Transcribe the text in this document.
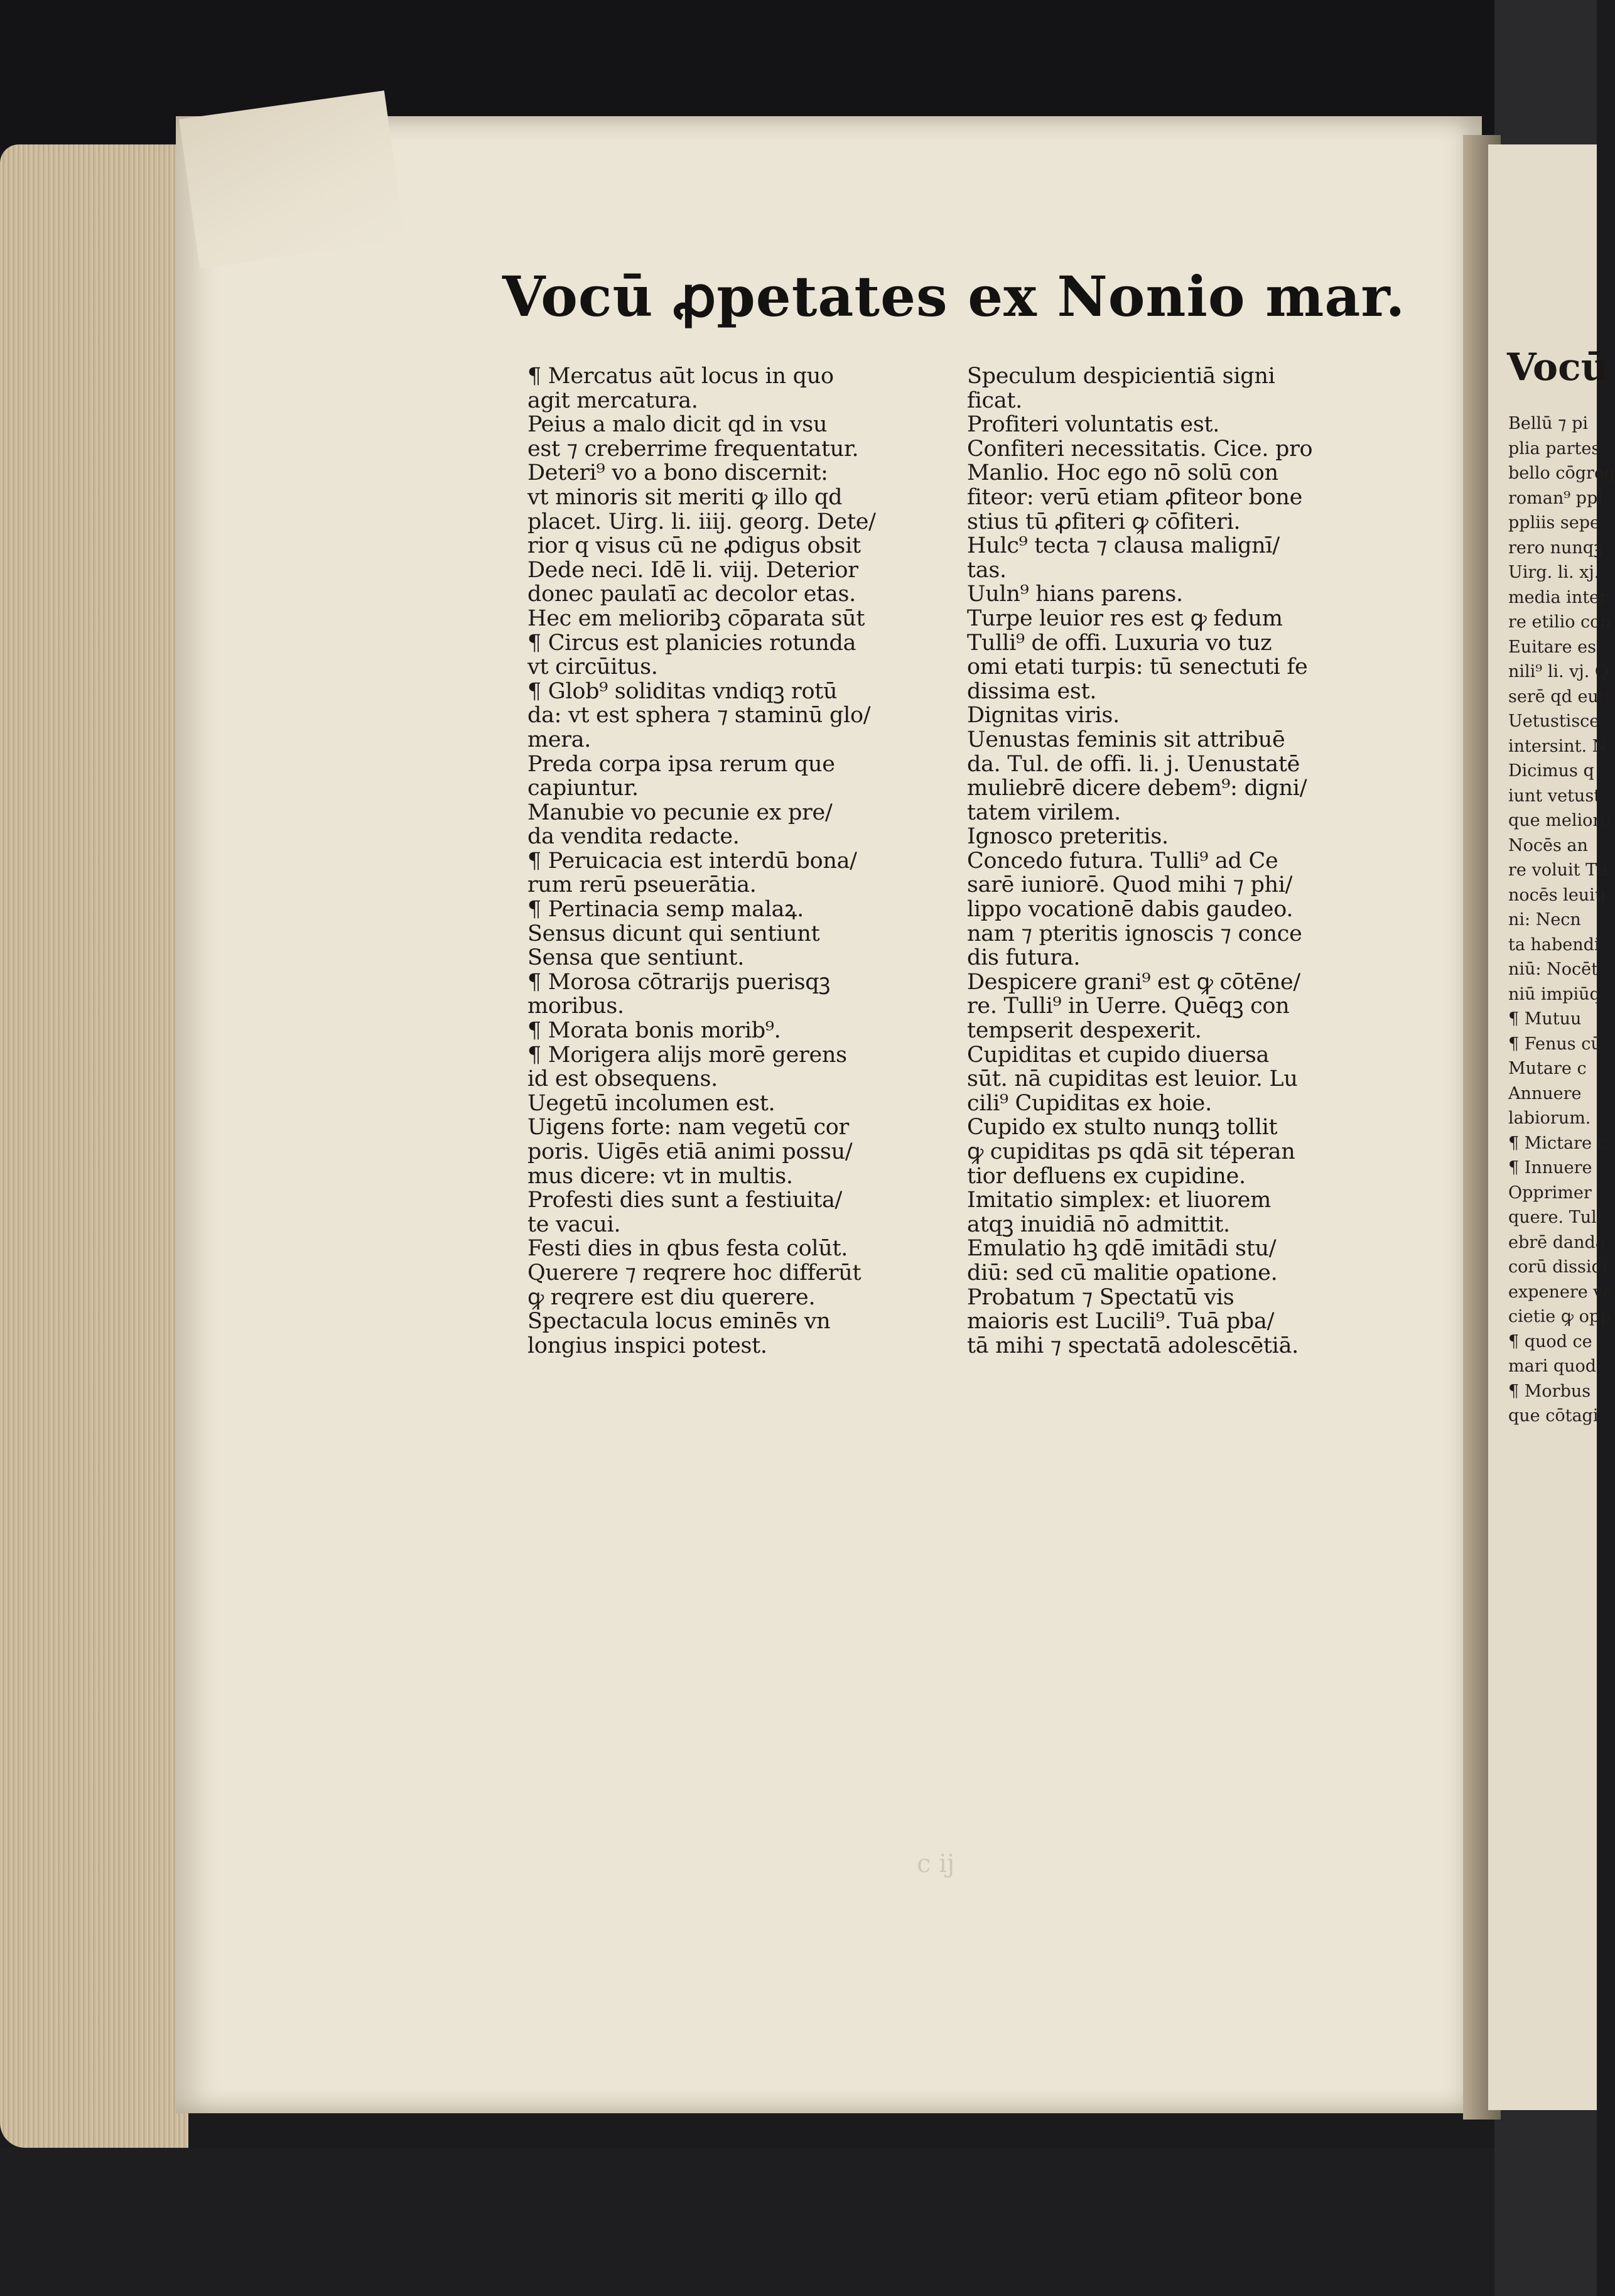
Vocū
Bellū ⁊ pi
plia partes
bello cōgreg
roman⁹ ppl
ppliis sepe
rero nunqꝫ
Uirg. li. xj.
media inter
re etilio con
Euitare est
nili⁹ li. vj. Q
serē qd euit
Uetustisce
intersint. N
Dicimus q
iunt vetust
que meliora
Nocēs an
re voluit Tu
nocēs leuiu
ni: Necn
ta habendi
niū: Nocēt
niū impiūq
¶ Mutuu
¶ Fenus cū
Mutare c
Annuere
labiorum.
¶ Mictare c
¶ Innuere
Opprimer
quere. Tull
ebrē danda
corū dissidi
expenere ve
cietie ꝙ opp
¶ quod ce
mari quod
¶ Morbus
que cōtagi
Vocū ꝓpetates ex Nonio mar.
¶ Mercatus aūt locus in quo
agit mercatura.
Peius a malo dicit qd in vsu
est ⁊ creberrime frequentatur.
Deteri⁹ vo a bono discernit:
vt minoris sit meriti ꝙ illo qd
placet. Uirg. li. iiij. georg. Dete/
rior q visus cū ne ꝓdigus obsit
Dede neci. Idē li. viij. Deterior
donec paulatī ac decolor etas.
Hec em melioribꝫ cōparata sūt
¶ Circus est planicies rotunda
vt circūitus.
¶ Glob⁹ soliditas vndiqꝫ rotū
da: vt est sphera ⁊ staminū glo/
mera.
Preda corpa ipsa rerum que
capiuntur.
Manubie vo pecunie ex pre/
da vendita redacte.
¶ Peruicacia est interdū bona/
rum rerū pseuerātia.
¶ Pertinacia semp malaꝝ.
Sensus dicunt qui sentiunt
Sensa que sentiunt.
¶ Morosa cōtrarijs puerisqꝫ
moribus.
¶ Morata bonis morib⁹.
¶ Morigera alijs morē gerens
id est obsequens.
Uegetū incolumen est.
Uigens forte: nam vegetū cor
poris. Uigēs etiā animi possu/
mus dicere: vt in multis.
Profesti dies sunt a festiuita/
te vacui.
Festi dies in qbus festa colūt.
Querere ⁊ reqrere hoc differūt
ꝙ reqrere est diu querere.
Spectacula locus eminēs vn
longius inspici potest.
Speculum despicientiā signi
ficat.
Profiteri voluntatis est.
Confiteri necessitatis. Cice. pro
Manlio. Hoc ego nō solū con
fiteor: verū etiam ꝓfiteor bone
stius tū ꝓfiteri ꝙ cōfiteri.
Hulc⁹ tecta ⁊ clausa malignī/
tas.
Uuln⁹ hians parens.
Turpe leuior res est ꝙ fedum
Tulli⁹ de offi. Luxuria vo tuz
omi etati turpis: tū senectuti fe
dissima est.
Dignitas viris.
Uenustas feminis sit attribuē
da. Tul. de offi. li. j. Uenustatē
muliebrē dicere debem⁹: digni/
tatem virilem.
Ignosco preteritis.
Concedo futura. Tulli⁹ ad Ce
sarē iuniorē. Quod mihi ⁊ phi/
lippo vocationē dabis gaudeo.
nam ⁊ pteritis ignoscis ⁊ conce
dis futura.
Despicere grani⁹ est ꝙ cōtēne/
re. Tulli⁹ in Uerre. Quēqꝫ con
tempserit despexerit.
Cupiditas et cupido diuersa
sūt. nā cupiditas est leuior. Lu
cili⁹ Cupiditas ex hoie.
Cupido ex stulto nunqꝫ tollit
ꝙ cupiditas ps qdā sit téperan
tior defluens ex cupidine.
Imitatio simplex: et liuorem
atqꝫ inuidiā nō admittit.
Emulatio hꝫ qdē imitādi stu/
diū: sed cū malitie opatione.
Probatum ⁊ Spectatū vis
maioris est Lucili⁹. Tuā pba/
tā mihi ⁊ spectatā adolescētiā.
c ij
